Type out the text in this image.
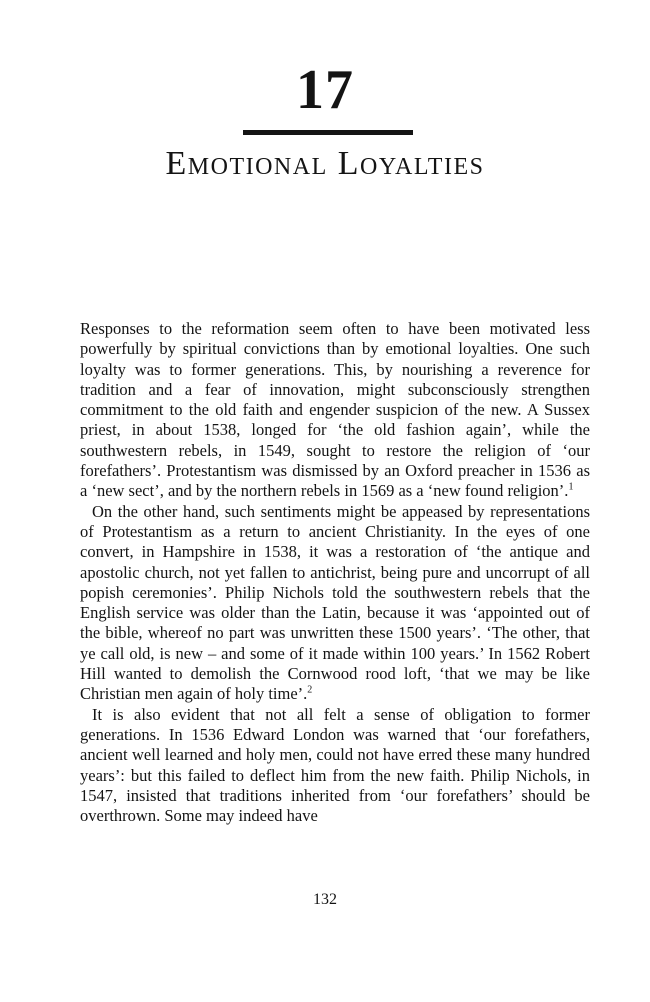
17
Emotional Loyalties

Responses to the reformation seem often to have been motivated less powerfully by spiritual convictions than by emotional loyalties. One such loyalty was to former generations. This, by nourishing a reverence for tradition and a fear of innovation, might subconsciously strengthen commitment to the old faith and engender suspicion of the new. A Sussex priest, in about 1538, longed for ‘the old fashion again’, while the southwestern rebels, in 1549, sought to restore the religion of ‘our forefathers’. Protestantism was dismissed by an Oxford preacher in 1536 as a ‘new sect’, and by the northern rebels in 1569 as a ‘new found religion’.$^1$

On the other hand, such sentiments might be appeased by representations of Protestantism as a return to ancient Christianity. In the eyes of one convert, in Hampshire in 1538, it was a restoration of ‘the antique and apostolic church, not yet fallen to antichrist, being pure and uncorrupt of all popish ceremonies’. Philip Nichols told the southwestern rebels that the English service was older than the Latin, because it was ‘appointed out of the bible, whereof no part was unwritten these 1500 years’. ‘The other, that ye call old, is new – and some of it made within 100 years.’ In 1562 Robert Hill wanted to demolish the Cornwood rood loft, ‘that we may be like Christian men again of holy time’.$^2$

It is also evident that not all felt a sense of obligation to former generations. In 1536 Edward London was warned that ‘our forefathers, ancient well learned and holy men, could not have erred these many hundred years’: but this failed to deflect him from the new faith. Philip Nichols, in 1547, insisted that traditions inherited from ‘our forefathers’ should be overthrown. Some may indeed have

132
